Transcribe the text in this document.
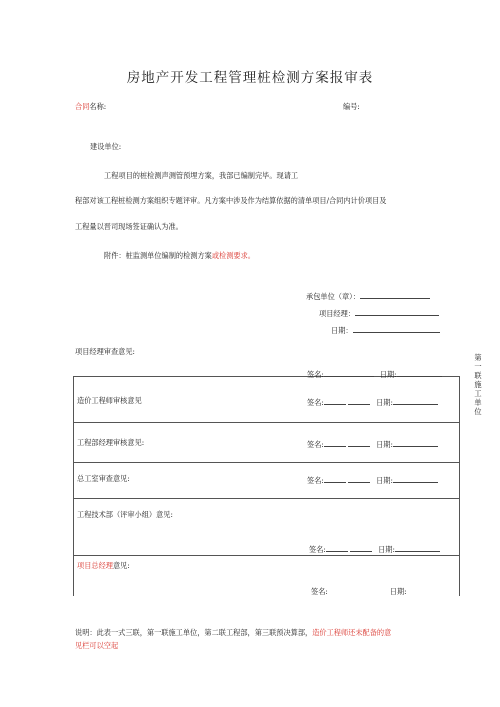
房地产开发工程管理桩检测方案报审表
合同名称:	编号:
建设单位:
工程项目的桩检测声测管预埋方案，我部已编制完毕。现请工
程部对该工程桩检测方案组织专题评审。凡方案中涉及作为结算依据的清单项目/合同内计价项目及
工程量以晋司现场签证确认为准。
附件：桩监测单位编制的检测方案或检测要求。
承包单位（章）：
项目经理：
日期：
项目经理审查意见:
第一联施工单位
签名:	日期:
造价工程师审核意见	签名:	日期:
工程部经理审核意见:	签名:	日期:
总工室审查意见:	签名:	日期:
工程技术部（评审小组）意见:
签名:	日期:
项目总经理意见:
签名:	日期:
说明：此表一式三联，第一联施工单位，第二联工程部，第三联预决算部，造价工程师还未配备的意
见栏可以空起
